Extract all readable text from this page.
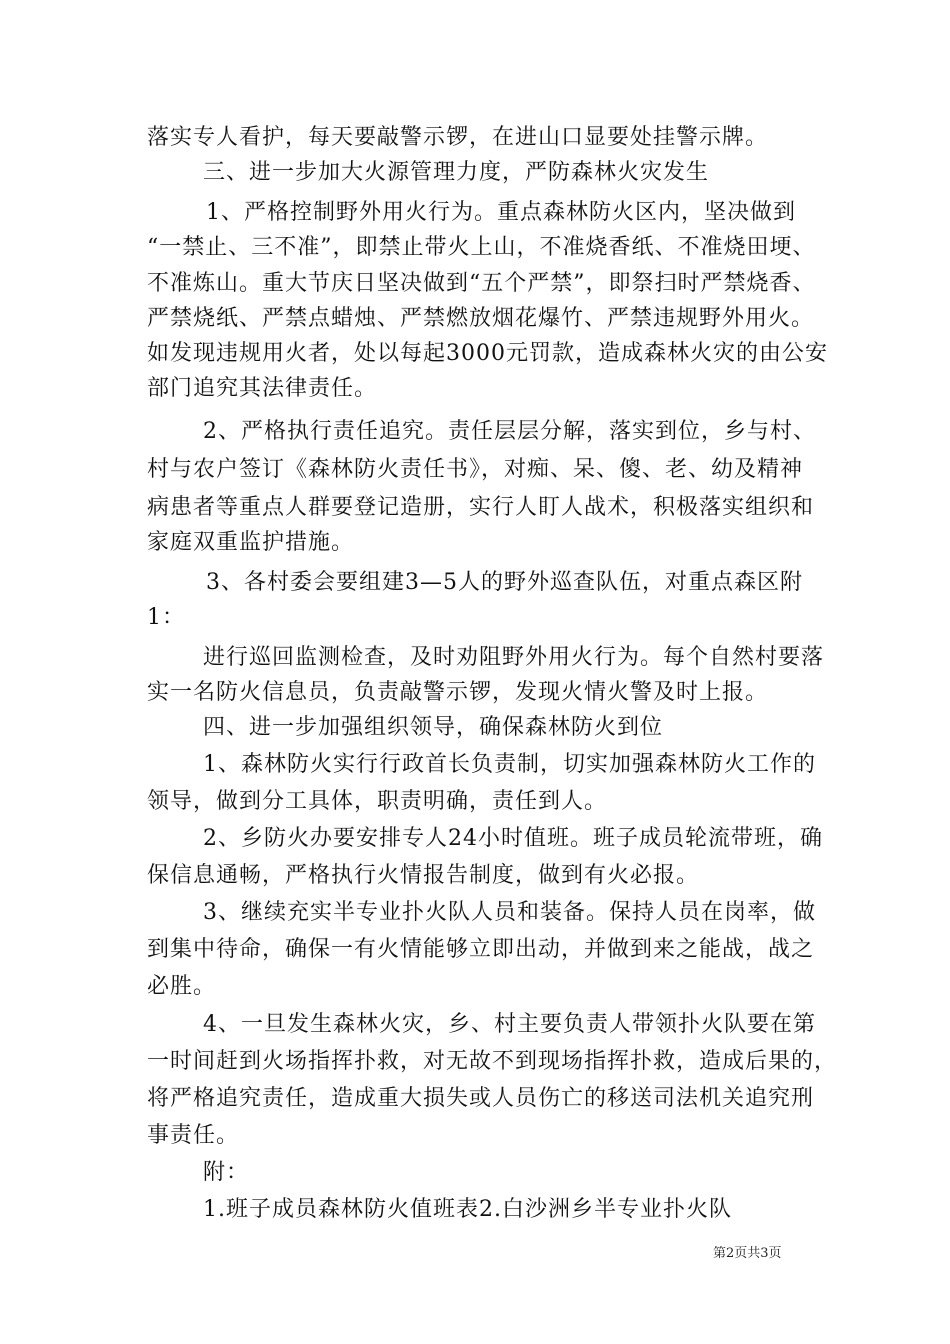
落实专人看护，每天要敲警示锣，在进山口显要处挂警示牌。
三、进一步加大火源管理力度，严防森林火灾发生
1、严格控制野外用火行为。重点森林防火区内，坚决做到
“一禁止、三不准”，即禁止带火上山，不准烧香纸、不准烧田埂、
不准炼山。重大节庆日坚决做到“五个严禁”，即祭扫时严禁烧香、
严禁烧纸、严禁点蜡烛、严禁燃放烟花爆竹、严禁违规野外用火。
如发现违规用火者，处以每起3000元罚款，造成森林火灾的由公安
部门追究其法律责任。
2、严格执行责任追究。责任层层分解，落实到位，乡与村、
村与农户签订《森林防火责任书》，对痴、呆、傻、老、幼及精神
病患者等重点人群要登记造册，实行人盯人战术，积极落实组织和
家庭双重监护措施。
3、各村委会要组建3—5人的野外巡查队伍，对重点森区附
1：
进行巡回监测检查，及时劝阻野外用火行为。每个自然村要落
实一名防火信息员，负责敲警示锣，发现火情火警及时上报。
四、进一步加强组织领导，确保森林防火到位
1、森林防火实行行政首长负责制，切实加强森林防火工作的
领导，做到分工具体，职责明确，责任到人。
2、乡防火办要安排专人24小时值班。班子成员轮流带班，确
保信息通畅，严格执行火情报告制度，做到有火必报。
3、继续充实半专业扑火队人员和装备。保持人员在岗率，做
到集中待命，确保一有火情能够立即出动，并做到来之能战，战之
必胜。
4、一旦发生森林火灾，乡、村主要负责人带领扑火队要在第
一时间赶到火场指挥扑救，对无故不到现场指挥扑救，造成后果的，
将严格追究责任，造成重大损失或人员伤亡的移送司法机关追究刑
事责任。
附：
1.班子成员森林防火值班表2.白沙洲乡半专业扑火队
第2页共3页
